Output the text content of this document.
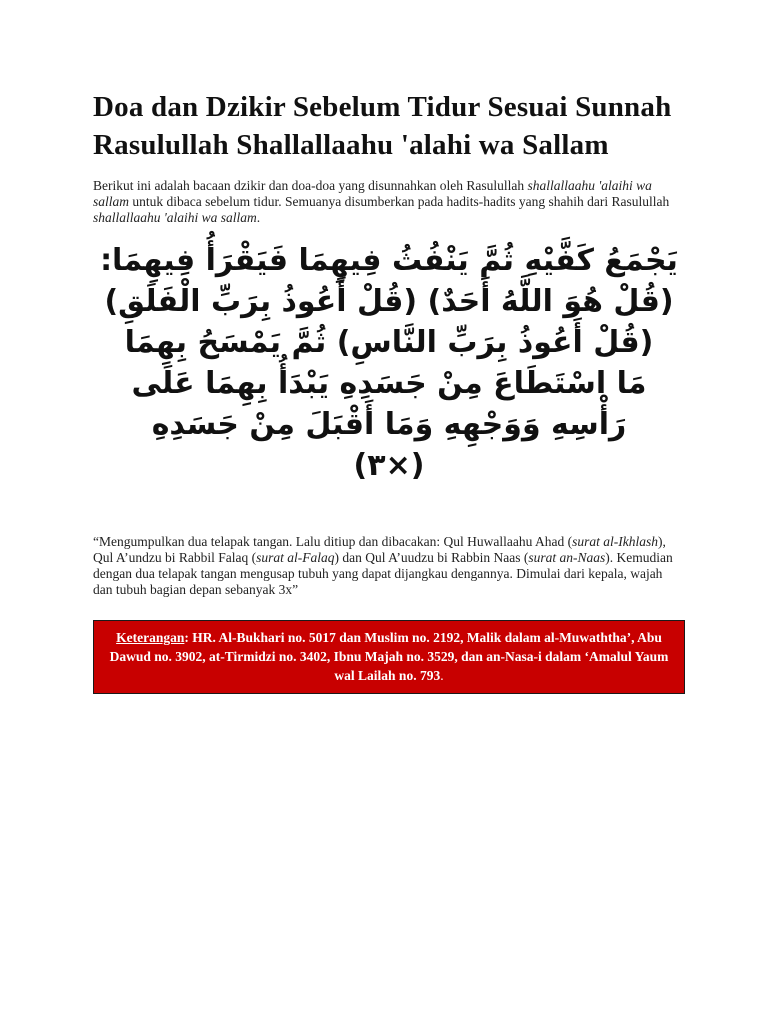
Doa dan Dzikir Sebelum Tidur Sesuai Sunnah Rasulullah Shallallaahu 'alahi wa Sallam

Berikut ini adalah bacaan dzikir dan doa-doa yang disunnahkan oleh Rasulullah shallallaahu 'alaihi wa sallam untuk dibaca sebelum tidur. Semuanya disumberkan pada hadits-hadits yang shahih dari Rasulullah shallallaahu 'alaihi wa sallam.

يَجْمَعُ كَفَّيْهِ ثُمَّ يَنْفُثُ فِيهِمَا فَيَقْرَأُ فِيهِمَا:
(قُلْ هُوَ اللَّهُ أَحَدٌ) (قُلْ أَعُوذُ بِرَبِّ الْفَلَقِ)
(قُلْ أَعُوذُ بِرَبِّ النَّاسِ) ثُمَّ يَمْسَحُ بِهِمَا
مَا اسْتَطَاعَ مِنْ جَسَدِهِ يَبْدَأُ بِهِمَا عَلَى
رَأْسِهِ وَوَجْهِهِ وَمَا أَقْبَلَ مِنْ جَسَدِهِ
(×٣)

“Mengumpulkan dua telapak tangan. Lalu ditiup dan dibacakan: Qul Huwallaahu Ahad (surat al-Ikhlash), Qul A’undzu bi Rabbil Falaq (surat al-Falaq) dan Qul A’uudzu bi Rabbin Naas (surat an-Naas). Kemudian dengan dua telapak tangan mengusap tubuh yang dapat dijangkau dengannya. Dimulai dari kepala, wajah dan tubuh bagian depan sebanyak 3x”

Keterangan: HR. Al-Bukhari no. 5017 dan Muslim no. 2192, Malik dalam al-Muwaththa’, Abu Dawud no. 3902, at-Tirmidzi no. 3402, Ibnu Majah no. 3529, dan an-Nasa-i dalam ‘Amalul Yaum wal Lailah no. 793.
